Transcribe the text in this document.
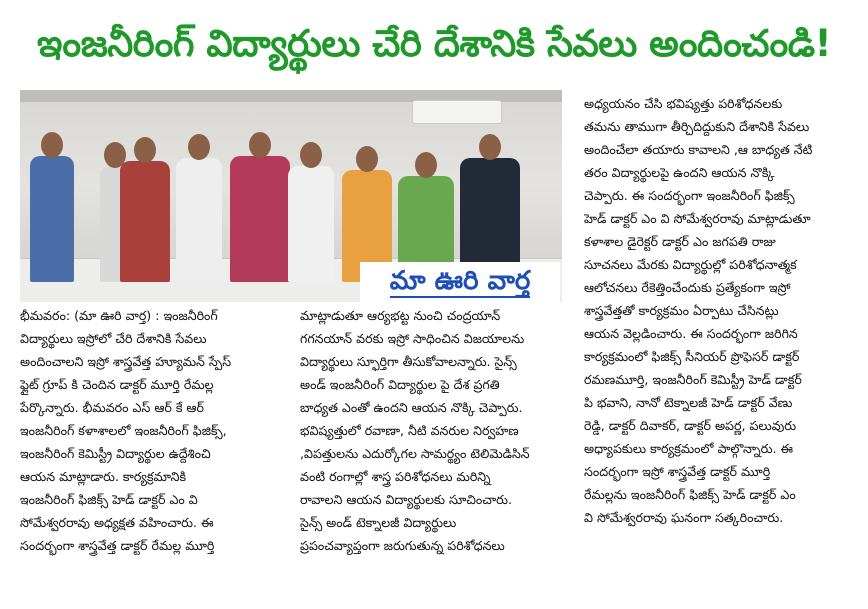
ఇంజనీరింగ్ విద్యార్థులు చేరి దేశానికి సేవలు అందించండి!
మా ఊరి వార్త
భీమవరం: (మా ఊరి వార్త) : ఇంజనీరింగ్
విద్యార్థులు ఇస్రోలో చేరి దేశానికి సేవలు
అందించాలని ఇస్రో శాస్త్రవేత్త హ్యూమన్ స్పేస్
ఫ్లైట్ గ్రూప్ కి చెందిన డాక్టర్ మూర్తి రేమల్ల
పేర్కొన్నారు. భీమవరం ఎస్ ఆర్ కే ఆర్
ఇంజనీరింగ్ కళాశాలలో ఇంజనీరింగ్ ఫిజిక్స్,
ఇంజనీరింగ్ కెమిస్ట్రీ విద్యార్థుల ఉద్దేశించి
ఆయన మాట్లాడారు. కార్యక్రమానికి
ఇంజనీరింగ్ ఫిజిక్స్ హెడ్ డాక్టర్ ఎం వి
సోమేశ్వరరావు అధ్యక్షత వహించారు. ఈ
సందర్భంగా శాస్త్రవేత్త డాక్టర్ రేమల్ల మూర్తి
మాట్లాడుతూ ఆర్యభట్ట నుంచి చంద్రయాన్
గగనయాన్ వరకు ఇస్రో సాధించిన విజయాలను
విద్యార్థులు స్ఫూర్తిగా తీసుకోవాలన్నారు. సైన్స్
అండ్ ఇంజనీరింగ్ విద్యార్థుల పై దేశ ప్రగతి
బాధ్యత ఎంతో ఉందని ఆయన నొక్కి చెప్పారు.
భవిష్యత్తులో రవాణా, నీటి వనరుల నిర్వహణ
,విపత్తులను ఎదుర్కోగల సామర్థ్యం టెలిమెడిసిన్
వంటి రంగాల్లో శాస్త్ర పరిశోధనలు మరిన్ని
రావాలని ఆయన విద్యార్థులకు సూచించారు.
సైన్స్ అండ్ టెక్నాలజీ విద్యార్థులు
ప్రపంచవ్యాప్తంగా జరుగుతున్న పరిశోధనలు
అధ్యయనం చేసి భవిష్యత్తు పరిశోధనలకు
తమను తాముగా తీర్చిదిద్దుకుని దేశానికి సేవలు
అందించేలా తయారు కావాలని ,ఆ బాధ్యత నేటి
తరం విద్యార్థులపై ఉందని ఆయన నొక్కి
చెప్పారు. ఈ సందర్భంగా ఇంజనీరింగ్ ఫిజిక్స్
హెడ్ డాక్టర్ ఎం వి సోమేశ్వరరావు మాట్లాడుతూ
కళాశాల డైరెక్టర్ డాక్టర్ ఎం జగపతి రాజు
సూచనలు మేరకు విద్యార్థుల్లో పరిశోధనాత్మక
ఆలోచనలు రేకెత్తించేందుకు ప్రత్యేకంగా ఇస్రో
శాస్త్రవేత్తతో కార్యక్రమం ఏర్పాటు చేసినట్లు
ఆయన వెల్లడించారు. ఈ సందర్భంగా జరిగిన
కార్యక్రమంలో ఫిజిక్స్ సీనియర్ ప్రొఫెసర్ డాక్టర్
రమణమూర్తి, ఇంజనీరింగ్ కెమిస్ట్రీ హెడ్ డాక్టర్
పి భవాని, నానో టెక్నాలజీ హెడ్ డాక్టర్ వేణు
రెడ్డి, డాక్టర్ దివాకర్, డాక్టర్ అపర్ణ, పలువురు
అధ్యాపకులు కార్యక్రమంలో పాల్గొన్నారు. ఈ
సందర్భంగా ఇస్రో శాస్త్రవేత్త డాక్టర్ మూర్తి
రేమల్లను ఇంజనీరింగ్ ఫిజిక్స్ హెడ్ డాక్టర్ ఎం
వి సోమేశ్వరరావు ఘనంగా సత్కరించారు.
